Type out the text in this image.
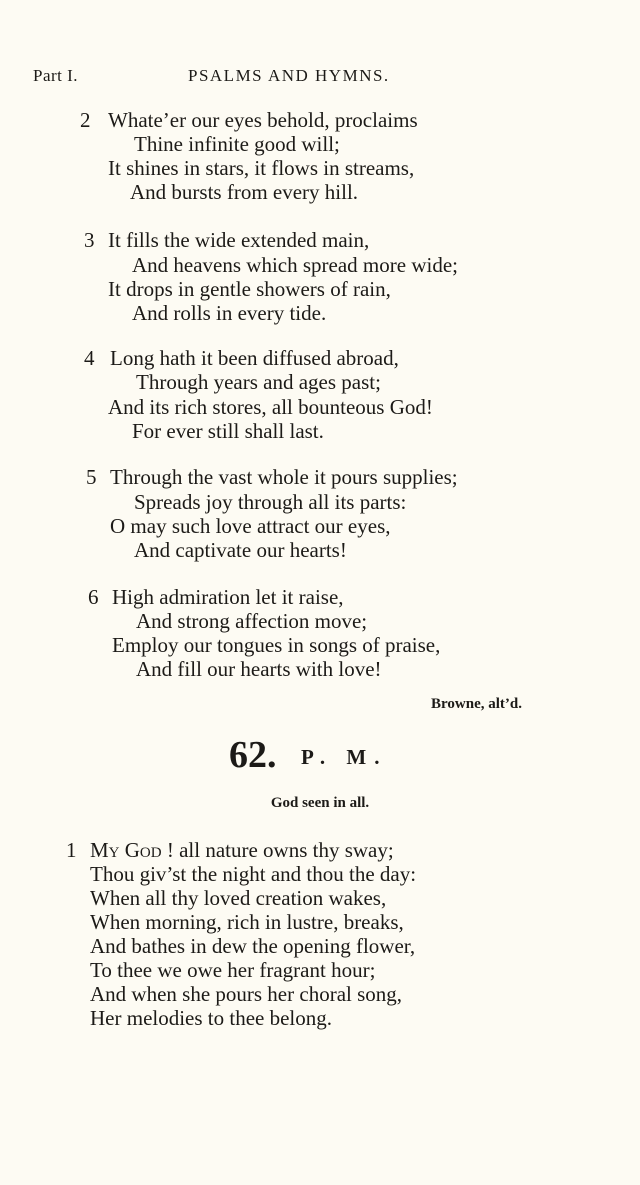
Part I.	PSALMS AND HYMNS.
2 Whate’er our eyes behold, proclaims
Thine infinite good will;
It shines in stars, it flows in streams,
And bursts from every hill.
3 It fills the wide extended main,
And heavens which spread more wide;
It drops in gentle showers of rain,
And rolls in every tide.
4 Long hath it been diffused abroad,
Through years and ages past;
And its rich stores, all bounteous God!
For ever still shall last.
5 Through the vast whole it pours supplies;
Spreads joy through all its parts:
O may such love attract our eyes,
And captivate our hearts!
6 High admiration let it raise,
And strong affection move;
Employ our tongues in songs of praise,
And fill our hearts with love!
Browne, alt’d.
62. P. M.
God seen in all.
1 My God ! all nature owns thy sway;
Thou giv’st the night and thou the day:
When all thy loved creation wakes,
When morning, rich in lustre, breaks,
And bathes in dew the opening flower,
To thee we owe her fragrant hour;
And when she pours her choral song,
Her melodies to thee belong.
